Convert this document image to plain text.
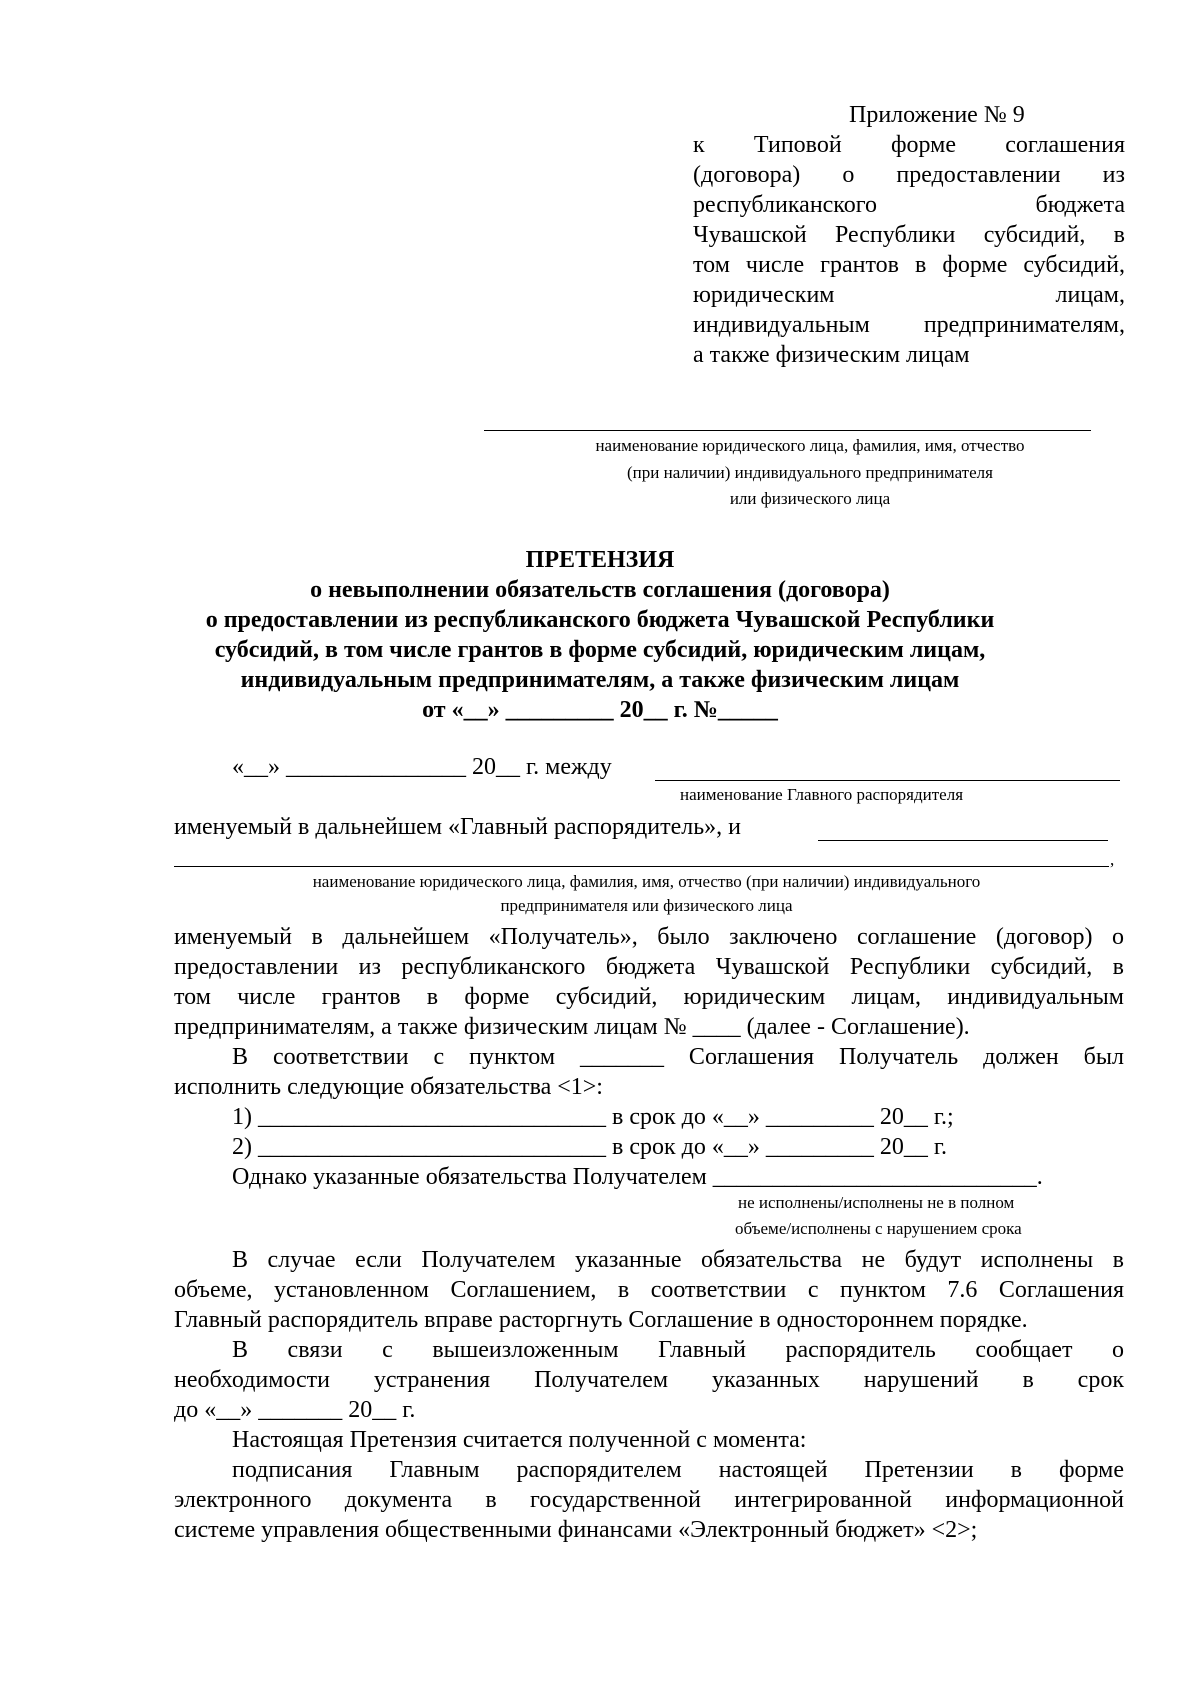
Приложение № 9
к Типовой форме соглашения
(договора) о предоставлении из
республиканского бюджета
Чувашской Республики субсидий, в
том числе грантов в форме субсидий,
юридическим лицам,
индивидуальным предпринимателям,
а также физическим лицам
наименование юридического лица, фамилия, имя, отчество
(при наличии) индивидуального предпринимателя
или физического лица
ПРЕТЕНЗИЯ
о невыполнении обязательств соглашения (договора)
о предоставлении из республиканского бюджета Чувашской Республики
субсидий, в том числе грантов в форме субсидий, юридическим лицам,
индивидуальным предпринимателям, а также физическим лицам
от «__» _________ 20__ г. №_____
«__» _______________ 20__ г. между
наименование Главного распорядителя
именуемый в дальнейшем «Главный распорядитель», и
,
наименование юридического лица, фамилия, имя, отчество (при наличии) индивидуального
предпринимателя или физического лица
именуемый в дальнейшем «Получатель», было заключено соглашение (договор) о
предоставлении из республиканского бюджета Чувашской Республики субсидий, в
том числе грантов в форме субсидий, юридическим лицам, индивидуальным
предпринимателям, а также физическим лицам № ____ (далее - Соглашение).
В соответствии с пунктом _______ Соглашения Получатель должен был
исполнить следующие обязательства <1>:
1) _____________________________ в срок до «__» _________ 20__ г.;
2) _____________________________ в срок до «__» _________ 20__ г.
Однако указанные обязательства Получателем ___________________________.
не исполнены/исполнены не в полном
объеме/исполнены с нарушением срока
В случае если Получателем указанные обязательства не будут исполнены в
объеме, установленном Соглашением, в соответствии с пунктом 7.6 Соглашения
Главный распорядитель вправе расторгнуть Соглашение в одностороннем порядке.
В связи с вышеизложенным Главный распорядитель сообщает о
необходимости устранения Получателем указанных нарушений в срок
до «__» _______ 20__ г.
Настоящая Претензия считается полученной с момента:
подписания Главным распорядителем настоящей Претензии в форме
электронного документа в государственной интегрированной информационной
системе управления общественными финансами «Электронный бюджет» <2>;
